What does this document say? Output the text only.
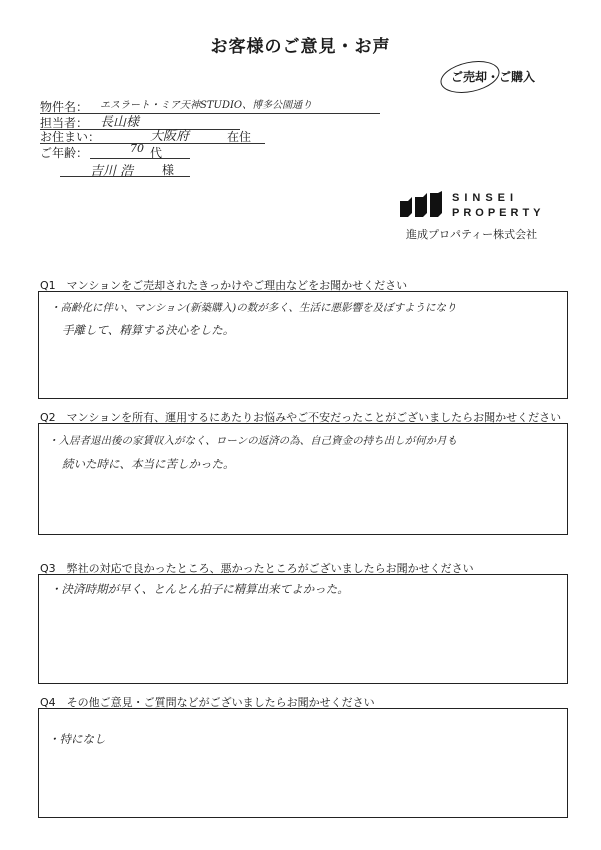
お客様のご意見・お声
ご売却・ご購入
物件名： エスラート・ミア天神STUDIO、博多公園通り
担当者： 長山様
お住まい：	大阪府	在住
ご年齢：	70 代
吉川 浩 様
SINSEI
PROPERTY
進成プロパティー株式会社
Q1　マンションをご売却されたきっかけやご理由などをお聞かせください
・高齢化に伴い、マンション(新築購入)の数が多く、生活に悪影響を及ぼすようになり
手離して、精算する決心をした。
Q2　マンションを所有、運用するにあたりお悩みやご不安だったことがございましたらお聞かせください
・入居者退出後の家賃収入がなく、ローンの返済の為、自己資金の持ち出しが何か月も
続いた時に、本当に苦しかった。
Q3　弊社の対応で良かったところ、悪かったところがございましたらお聞かせください
・決済時期が早く、とんとん拍子に精算出来てよかった。
Q4　その他ご意見・ご質問などがございましたらお聞かせください
・特になし
